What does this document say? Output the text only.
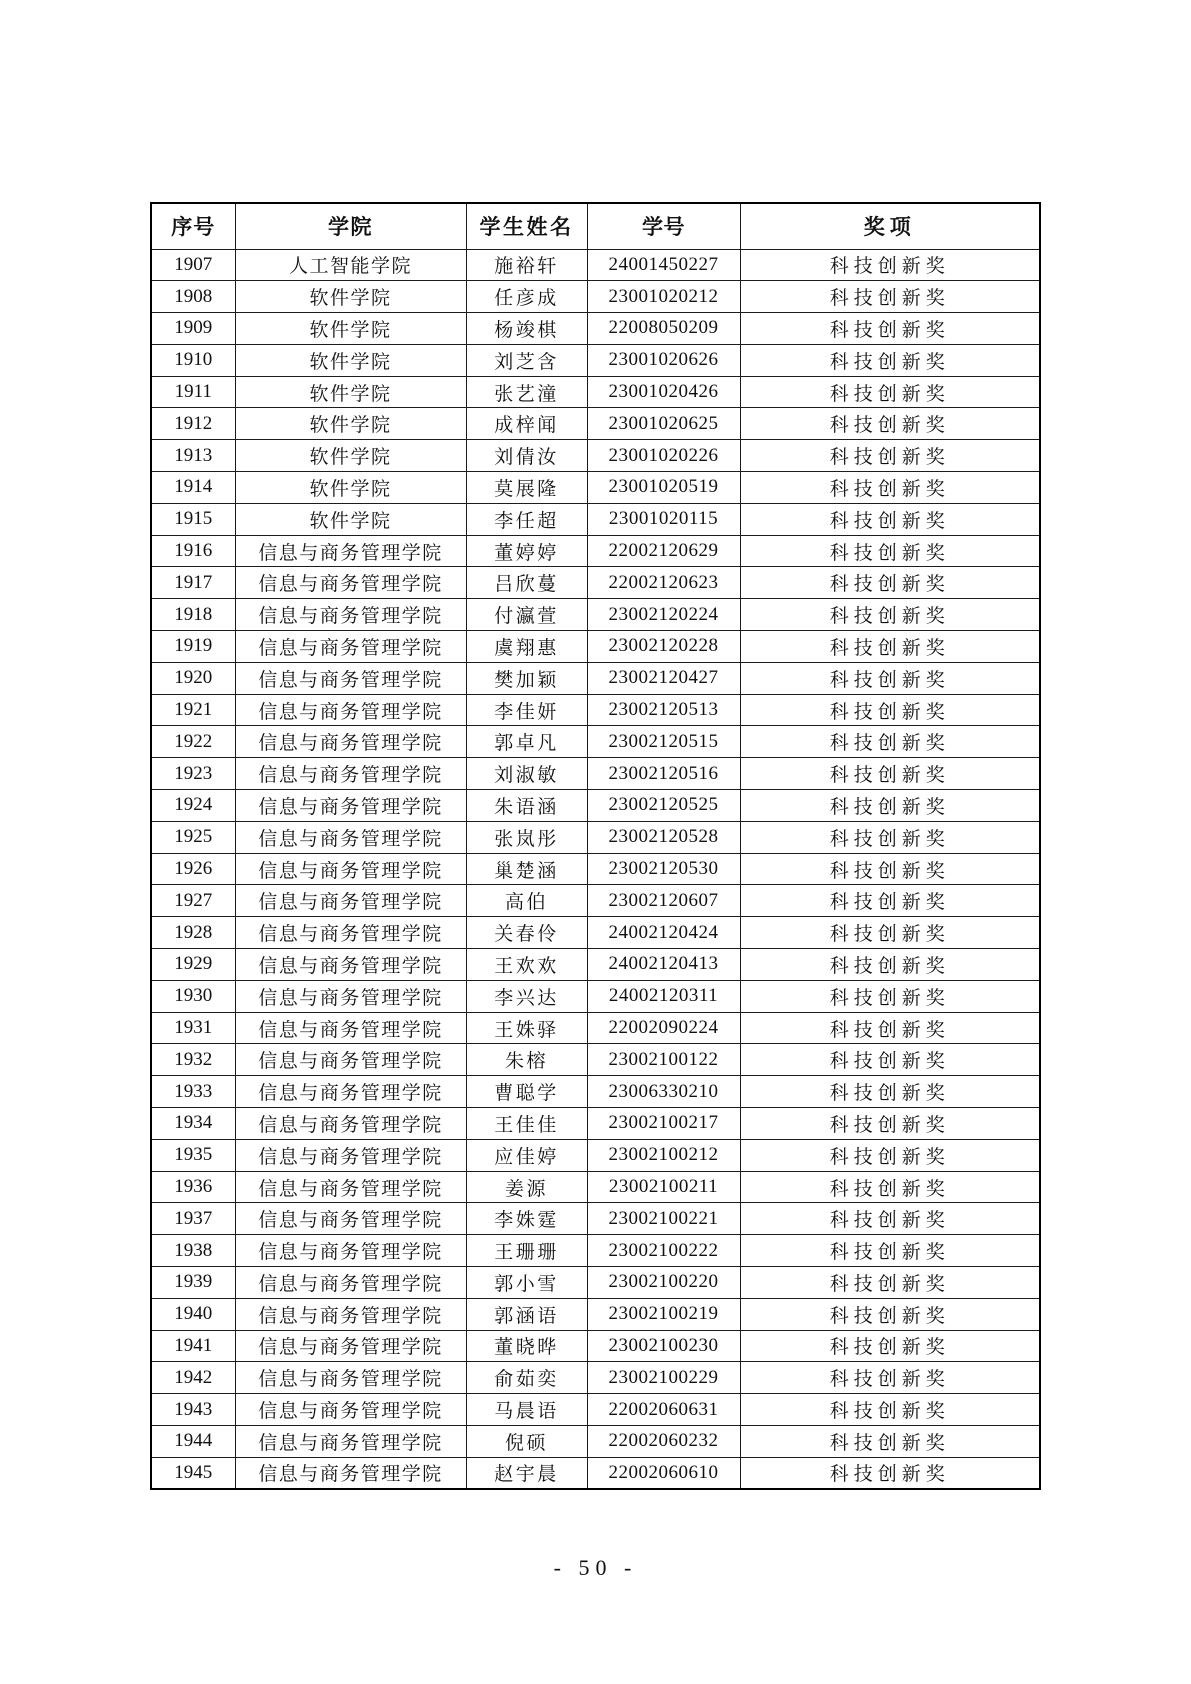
序号	学院	学生姓名	学号	奖项
1907	人工智能学院	施裕轩	24001450227	科技创新奖
1908	软件学院	任彦成	23001020212	科技创新奖
1909	软件学院	杨竣棋	22008050209	科技创新奖
1910	软件学院	刘芝含	23001020626	科技创新奖
1911	软件学院	张艺潼	23001020426	科技创新奖
1912	软件学院	成梓闻	23001020625	科技创新奖
1913	软件学院	刘倩汝	23001020226	科技创新奖
1914	软件学院	莫展隆	23001020519	科技创新奖
1915	软件学院	李任超	23001020115	科技创新奖
1916	信息与商务管理学院	董婷婷	22002120629	科技创新奖
1917	信息与商务管理学院	吕欣蔓	22002120623	科技创新奖
1918	信息与商务管理学院	付瀛萱	23002120224	科技创新奖
1919	信息与商务管理学院	虞翔惠	23002120228	科技创新奖
1920	信息与商务管理学院	樊加颖	23002120427	科技创新奖
1921	信息与商务管理学院	李佳妍	23002120513	科技创新奖
1922	信息与商务管理学院	郭卓凡	23002120515	科技创新奖
1923	信息与商务管理学院	刘淑敏	23002120516	科技创新奖
1924	信息与商务管理学院	朱语涵	23002120525	科技创新奖
1925	信息与商务管理学院	张岚彤	23002120528	科技创新奖
1926	信息与商务管理学院	巢楚涵	23002120530	科技创新奖
1927	信息与商务管理学院	高伯	23002120607	科技创新奖
1928	信息与商务管理学院	关春伶	24002120424	科技创新奖
1929	信息与商务管理学院	王欢欢	24002120413	科技创新奖
1930	信息与商务管理学院	李兴达	24002120311	科技创新奖
1931	信息与商务管理学院	王姝驿	22002090224	科技创新奖
1932	信息与商务管理学院	朱榕	23002100122	科技创新奖
1933	信息与商务管理学院	曹聪学	23006330210	科技创新奖
1934	信息与商务管理学院	王佳佳	23002100217	科技创新奖
1935	信息与商务管理学院	应佳婷	23002100212	科技创新奖
1936	信息与商务管理学院	姜源	23002100211	科技创新奖
1937	信息与商务管理学院	李姝霆	23002100221	科技创新奖
1938	信息与商务管理学院	王珊珊	23002100222	科技创新奖
1939	信息与商务管理学院	郭小雪	23002100220	科技创新奖
1940	信息与商务管理学院	郭涵语	23002100219	科技创新奖
1941	信息与商务管理学院	董晓晔	23002100230	科技创新奖
1942	信息与商务管理学院	俞茹奕	23002100229	科技创新奖
1943	信息与商务管理学院	马晨语	22002060631	科技创新奖
1944	信息与商务管理学院	倪硕	22002060232	科技创新奖
1945	信息与商务管理学院	赵宇晨	22002060610	科技创新奖
- 50 -
